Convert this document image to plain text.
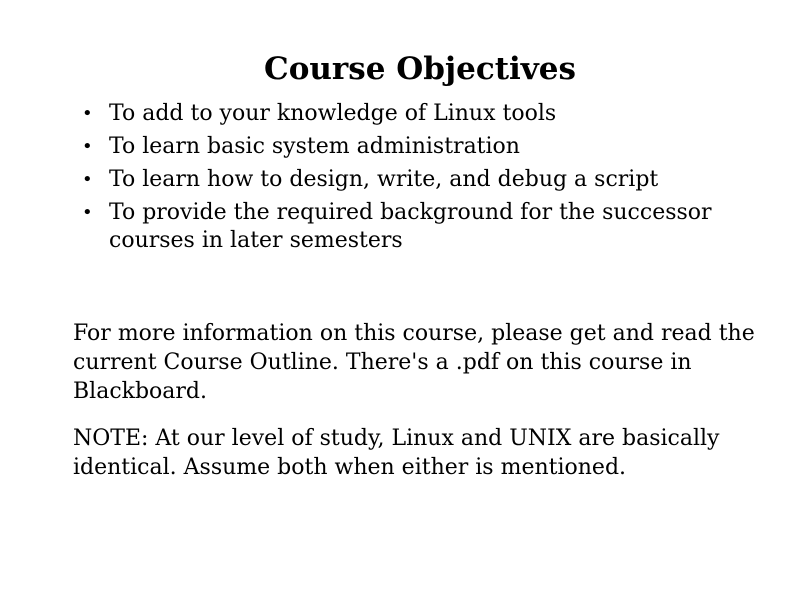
Course Objectives
• To add to your knowledge of Linux tools
• To learn basic system administration
• To learn how to design, write, and debug a script
• To provide the required background for the successor courses in later semesters

For more information on this course, please get and read the current Course Outline. There's a .pdf on this course in Blackboard.

NOTE: At our level of study, Linux and UNIX are basically identical. Assume both when either is mentioned.
